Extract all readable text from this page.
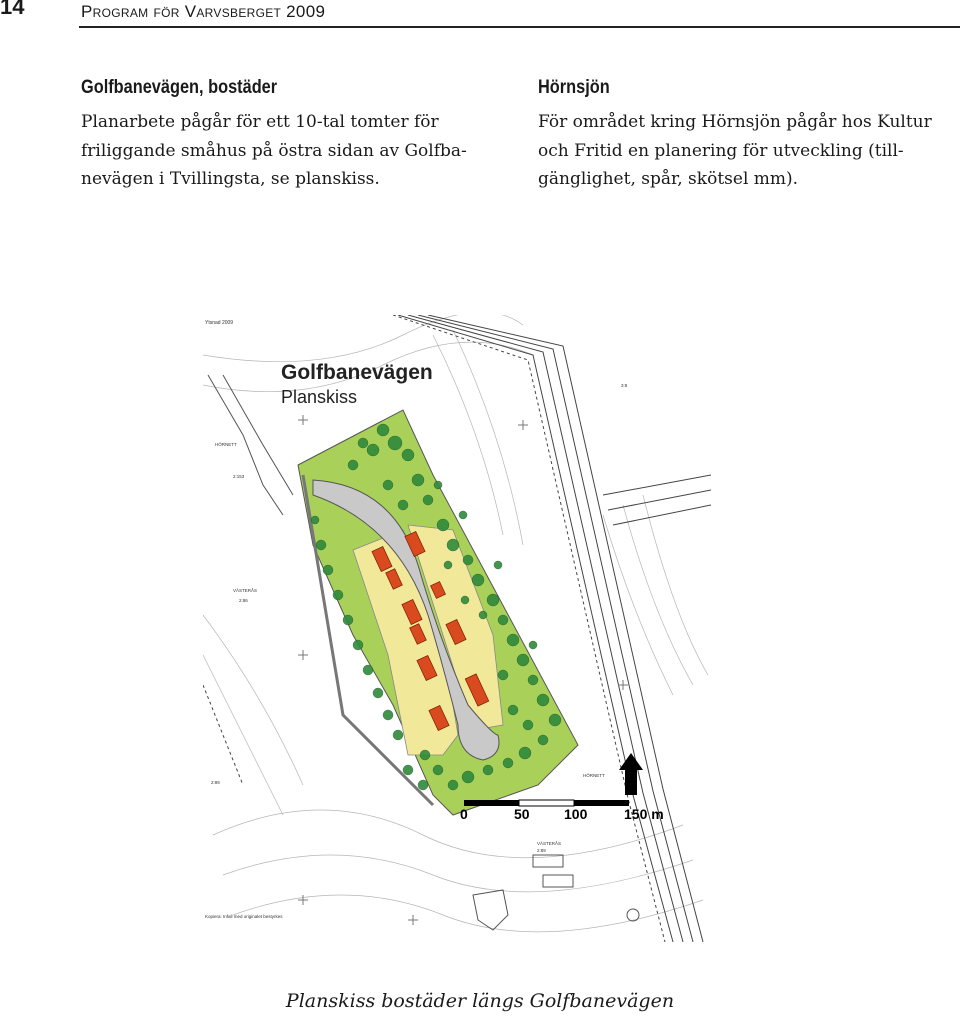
14	Program för Varvsberget 2009
Golfbanevägen, bostäder
Planarbete pågår för ett 10-tal tomter för
friliggande småhus på östra sidan av Golfba-
nevägen i Tvillingsta, se planskiss.
Hörnsjön
För området kring Hörnsjön pågår hos Kultur
och Fritid en planering för utveckling (till-
gänglighet, spår, skötsel mm).
Golfbanevägen
Planskiss
Ytsnad 2009
HÖRNETT
2:153
VÄSTERÅS
2:86
2:89
HÖRNETT
VÄSTERÅS
2:89
3:8
Kopiera: Infall med originalet bestyrkes
0	50 100	150 m
Planskiss bostäder längs Golfbanevägen
